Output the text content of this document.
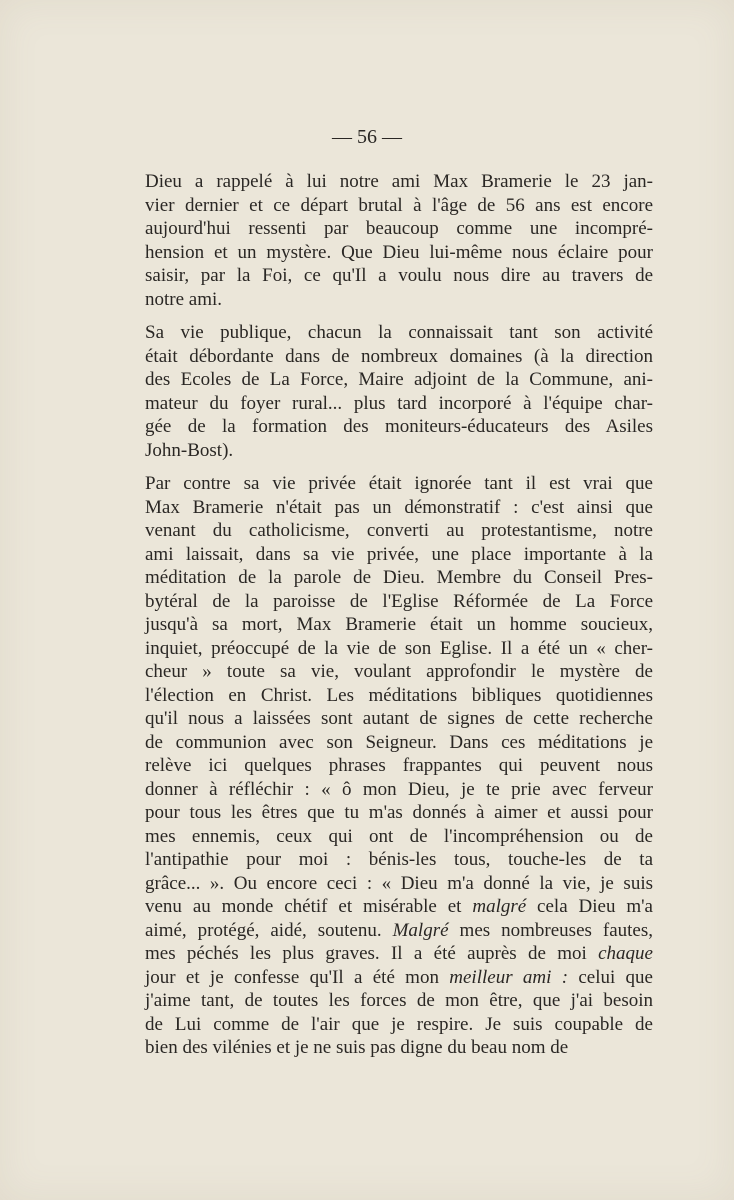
— 56 —
Dieu a rappelé à lui notre ami Max Bramerie le 23 jan-
vier dernier et ce départ brutal à l'âge de 56 ans est encore
aujourd'hui ressenti par beaucoup comme une incompré-
hension et un mystère. Que Dieu lui-même nous éclaire pour
saisir, par la Foi, ce qu'Il a voulu nous dire au travers de
notre ami.
Sa vie publique, chacun la connaissait tant son activité
était débordante dans de nombreux domaines (à la direction
des Ecoles de La Force, Maire adjoint de la Commune, ani-
mateur du foyer rural... plus tard incorporé à l'équipe char-
gée de la formation des moniteurs-éducateurs des Asiles
John-Bost).
Par contre sa vie privée était ignorée tant il est vrai que
Max Bramerie n'était pas un démonstratif : c'est ainsi que
venant du catholicisme, converti au protestantisme, notre
ami laissait, dans sa vie privée, une place importante à la
méditation de la parole de Dieu. Membre du Conseil Pres-
bytéral de la paroisse de l'Eglise Réformée de La Force
jusqu'à sa mort, Max Bramerie était un homme soucieux,
inquiet, préoccupé de la vie de son Eglise. Il a été un « cher-
cheur » toute sa vie, voulant approfondir le mystère de
l'élection en Christ. Les méditations bibliques quotidiennes
qu'il nous a laissées sont autant de signes de cette recherche
de communion avec son Seigneur. Dans ces méditations je
relève ici quelques phrases frappantes qui peuvent nous
donner à réfléchir : « ô mon Dieu, je te prie avec ferveur
pour tous les êtres que tu m'as donnés à aimer et aussi pour
mes ennemis, ceux qui ont de l'incompréhension ou de
l'antipathie pour moi : bénis-les tous, touche-les de ta
grâce... ». Ou encore ceci : « Dieu m'a donné la vie, je suis
venu au monde chétif et misérable et malgré cela Dieu m'a
aimé, protégé, aidé, soutenu. Malgré mes nombreuses fautes,
mes péchés les plus graves. Il a été auprès de moi chaque
jour et je confesse qu'Il a été mon meilleur ami : celui que
j'aime tant, de toutes les forces de mon être, que j'ai besoin
de Lui comme de l'air que je respire. Je suis coupable de
bien des vilénies et je ne suis pas digne du beau nom de
